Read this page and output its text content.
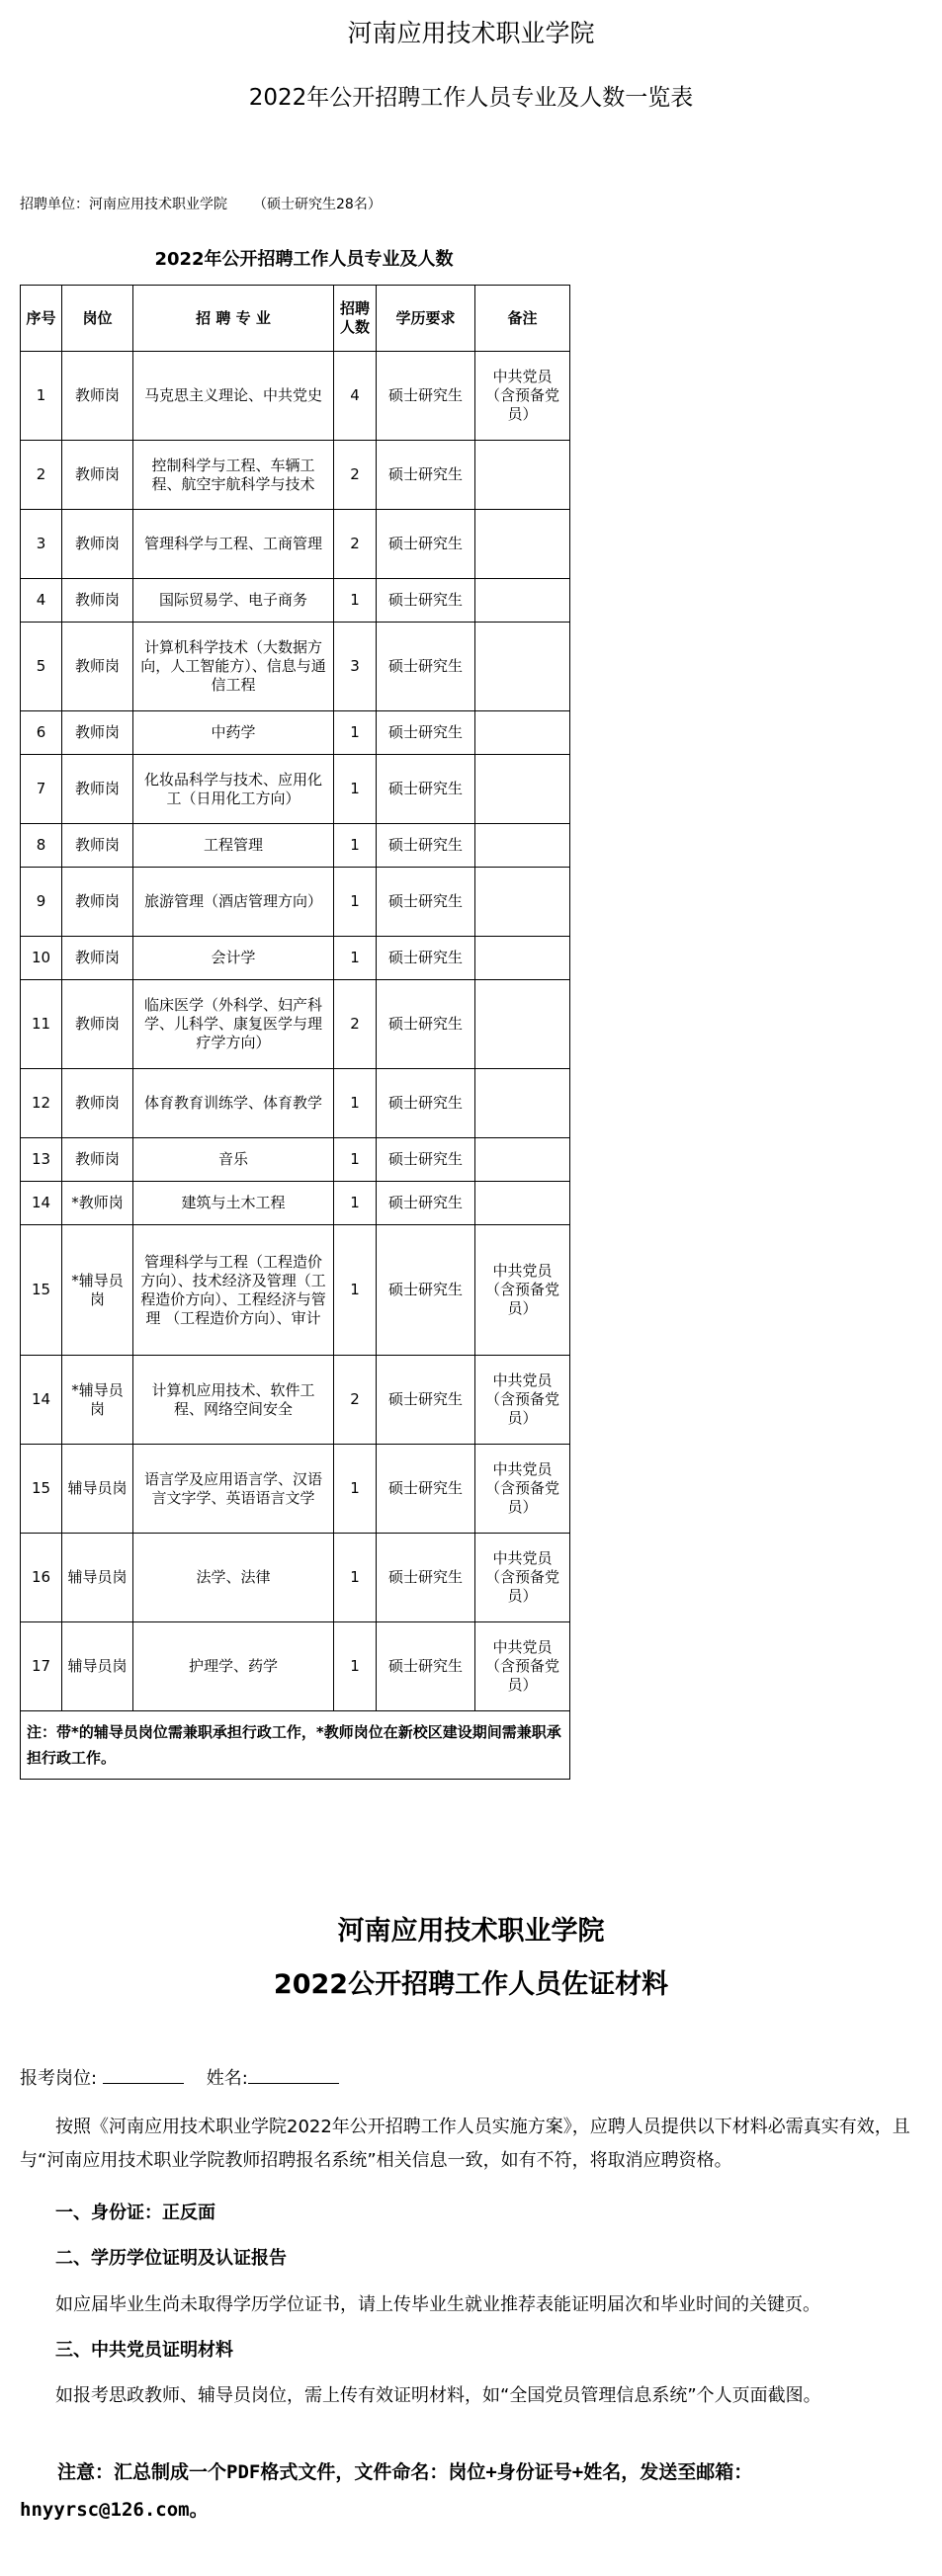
河南应用技术职业学院
2022年公开招聘工作人员专业及人数一览表
招聘单位：河南应用技术职业学院 （硕士研究生28名）
2022年公开招聘工作人员专业及人数
序号	岗位	招 聘 专 业	招聘人数	学历要求	备注
1	教师岗	马克思主义理论、中共党史	4	硕士研究生	中共党员（含预备党员）
2	教师岗	控制科学与工程、车辆工程、航空宇航科学与技术	2	硕士研究生	
3	教师岗	管理科学与工程、工商管理	2	硕士研究生	
4	教师岗	国际贸易学、电子商务	1	硕士研究生	
5	教师岗	计算机科学技术（大数据方向，人工智能方）、信息与通信工程	3	硕士研究生	
6	教师岗	中药学	1	硕士研究生	
7	教师岗	化妆品科学与技术、应用化工（日用化工方向）	1	硕士研究生	
8	教师岗	工程管理	1	硕士研究生	
9	教师岗	旅游管理（酒店管理方向）	1	硕士研究生	
10	教师岗	会计学	1	硕士研究生	
11	教师岗	临床医学（外科学、妇产科学、儿科学、康复医学与理疗学方向）	2	硕士研究生	
12	教师岗	体育教育训练学、体育教学	1	硕士研究生	
13	教师岗	音乐	1	硕士研究生	
14	*教师岗	建筑与土木工程	1	硕士研究生	
15	*辅导员岗	管理科学与工程（工程造价方向）、技术经济及管理（工程造价方向）、工程经济与管理 （工程造价方向）、审计	1	硕士研究生	中共党员（含预备党员）
14	*辅导员岗	计算机应用技术、软件工程、网络空间安全	2	硕士研究生	中共党员（含预备党员）
15	辅导员岗	语言学及应用语言学、汉语言文字学、英语语言文学	1	硕士研究生	中共党员（含预备党员）
16	辅导员岗	法学、法律	1	硕士研究生	中共党员（含预备党员）
17	辅导员岗	护理学、药学	1	硕士研究生	中共党员（含预备党员）
注：带*的辅导员岗位需兼职承担行政工作，*教师岗位在新校区建设期间需兼职承担行政工作。					
河南应用技术职业学院
2022公开招聘工作人员佐证材料
报考岗位:	姓名:

按照《河南应用技术职业学院2022年公开招聘工作人员实施方案》，应聘人员提供以下材料必需真实有效，且与“河南应用技术职业学院教师招聘报名系统”相关信息一致，如有不符，将取消应聘资格。

一、身份证：正反面
二、学历学位证明及认证报告
如应届毕业生尚未取得学历学位证书，请上传毕业生就业推荐表能证明届次和毕业时间的关键页。
三、中共党员证明材料
如报考思政教师、辅导员岗位，需上传有效证明材料，如“全国党员管理信息系统”个人页面截图。

注意：汇总制成一个PDF格式文件，文件命名：岗位+身份证号+姓名，发送至邮箱：hnyyrsc@126.com。
